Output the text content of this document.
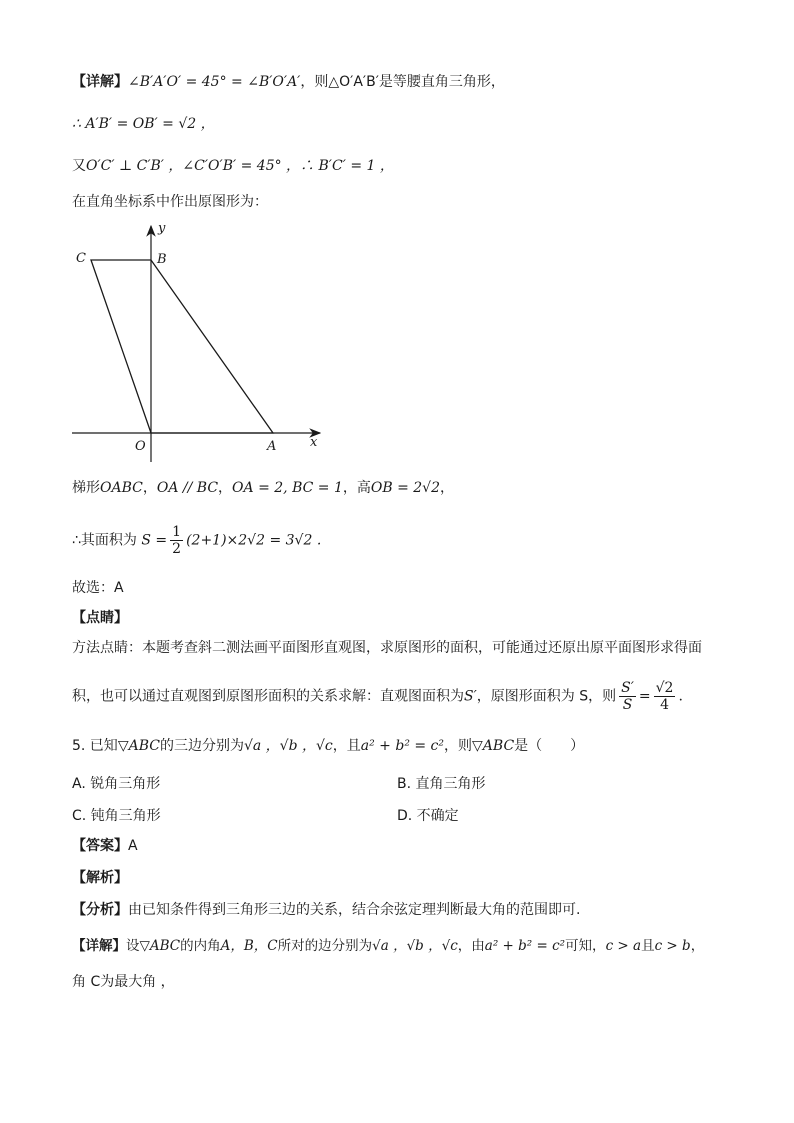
【详解】∠B′A′O′ = 45° = ∠B′O′A′，则△O′A′B′是等腰直角三角形，
∴ A′B′ = OB′ = √2 ，
又O′C′ ⊥ C′B′ ，∠C′O′B′ = 45° ，∴ B′C′ = 1 ，
在直角坐标系中作出原图形为：
y
x
C	B
O	A
梯形OABC，OA // BC，OA = 2, BC = 1，高OB = 2√2，
∴其面积为 $S = \frac{1}{2} (2+1)\times 2√2 = 3√2$ .
故选：A
【点睛】
方法点睛：本题考查斜二测法画平面图形直观图，求原图形的面积，可能通过还原出原平面图形求得面
积，也可以通过直观图到原图形面积的关系求解：直观图面积为S′，原图形面积为 S，则 $\frac{S'}{S} = \frac{√2}{4}$ .
5. 已知▽ABC的三边分别为√a ，√b ，√c，且a² + b² = c²，则▽ABC是（　　）
A. 锐角三角形	B. 直角三角形
C. 钝角三角形	D. 不确定
【答案】A
【解析】
【分析】由已知条件得到三角形三边的关系，结合余弦定理判断最大角的范围即可.
【详解】设▽ABC的内角A，B，C所对的边分别为√a ，√b ，√c，由a² + b² = c²可知，c > a且c > b，
角 C为最大角 ，
